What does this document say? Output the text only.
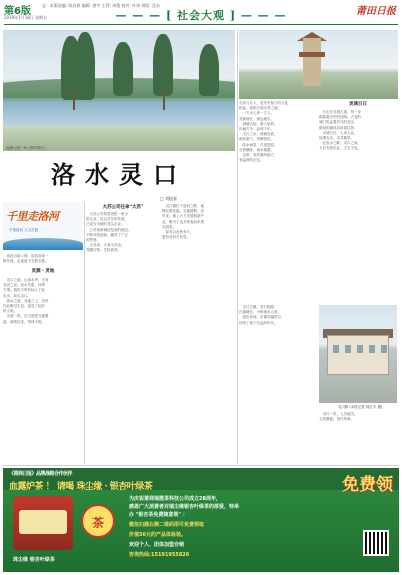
第6版
总 · 本版责编: 陈启源 编辑: 唐宇 主管: 周俊 校对: 叶伟 排版: 沈东
2019年1月18日 星期五	— — — [ 社会大观 ] — — —	莆田日报
南湖公园一角 (资料图片)
灵泉与名人，是历史留下的文化
积淀，洛阳古城灵秀之地。
　一方水土养一方人，
灵源流长，源远流长。
　城墙古韵，游人如织，
吟诵古今，品味千年。
　灵川之水，清澈见底，
鱼虾游弋，岸柳依依。
　临水而居，古道悠悠，
石桥横卧，流水潺潺。
　这里，有故事的地方，
有温度的记忆。
灵城日日
　行走在灵城古道，每一步
都踏着历史的回响。古老的
城门见证着岁月的变迁，
斑驳的墙体诉说着往昔。
　灵城日日，人来人往，
炊烟袅袅，市井繁华。
　在洛水之畔，灵口之间，
人们安居乐业，生生不息。
洛水灵口
□ 刘振春
千里走洛河
千里洛河 人文古韵
　洛河自陕入豫，浩浩荡荡一
路东流，沿途留下无数名胜。
灵源 · 灵地
　灵口之地，山清水秀，古有
灵泉之说，泉水甘甜，四季
不竭。相传古时有仙人于此
饮水，故名灵口。
　洛水之滨，灵地之上，先民
在此繁衍生息，创造了灿烂
的文明。
　灵源一带，自古便是交通要
道，商旅往来，络绎不绝。
大苏公司任命"大苏"
　大苏公司原是洛阳一家小
型企业，经过多年的发展，
已成为当地的龙头企业。
　公司秉承诚信经营的理念，
不断开拓创新，赢得了广泛
的赞誉。
　大苏者，大者为苏也，
苏醒万物，生机勃勃。
　灵口镇位于洛河之畔，地
理位置优越，交通便利。近
年来，镇上大力发展旅游产
业，吸引了众多游客前来观
光游览。
　春有百花秋有月，
夏有凉风冬有雪。
　灵口古镇，青石板路，
白墙黛瓦，小桥流水人家。
　漫步其间，仿佛穿越时空，
回到了那个久远的年代。
灵川镇 (本报记者 林正平 摄)
　灵川一带，人杰地灵，
文风鼎盛，世代传承。
《莆商日报》品牌战略合作伙伴
血露炉茶 ！ 请喝 珠尘缘 · 银杏叶绿茶	免费领
茶
为庆祝莆商瑞揽茶科技公司成立28周年，
感恩广大消费者对瑞尘缘银杏叶绿茶的厚爱，特举
办 "银杏茶免费随意领" ：
微信扫描右侧二维码即可免费领取
价值56元的产品体验装。
欢迎个人、团体加盟合销
咨询热线:15191955826
珠尘缘 银杏叶绿茶
